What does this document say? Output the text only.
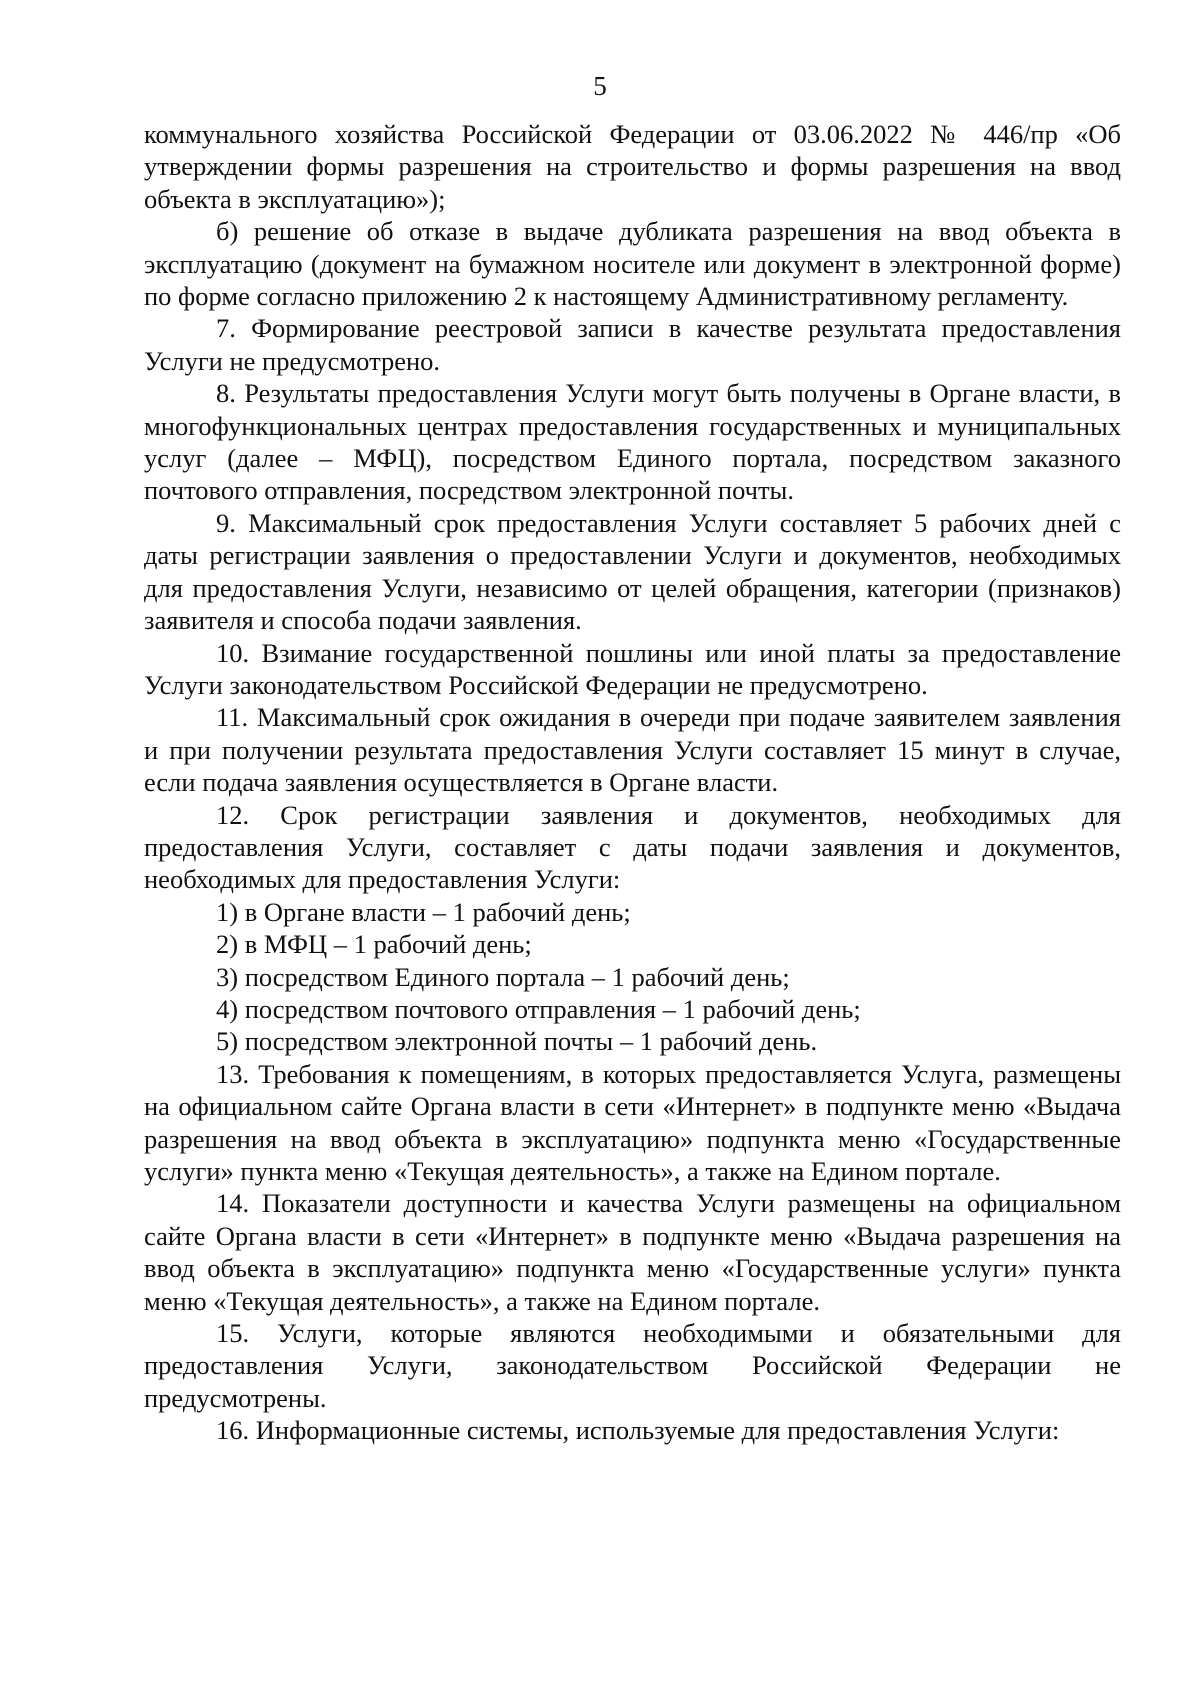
5

коммунального хозяйства Российской Федерации от 03.06.2022 № 446/пр «Об утверждении формы разрешения на строительство и формы разрешения на ввод объекта в эксплуатацию»);

б) решение об отказе в выдаче дубликата разрешения на ввод объекта в эксплуатацию (документ на бумажном носителе или документ в электронной форме) по форме согласно приложению 2 к настоящему Административному регламенту.

7. Формирование реестровой записи в качестве результата предоставления Услуги не предусмотрено.

8. Результаты предоставления Услуги могут быть получены в Органе власти, в многофункциональных центрах предоставления государственных и муниципальных услуг (далее – МФЦ), посредством Единого портала, посредством заказного почтового отправления, посредством электронной почты.

9. Максимальный срок предоставления Услуги составляет 5 рабочих дней с даты регистрации заявления о предоставлении Услуги и документов, необходимых для предоставления Услуги, независимо от целей обращения, категории (признаков) заявителя и способа подачи заявления.

10. Взимание государственной пошлины или иной платы за предоставление Услуги законодательством Российской Федерации не предусмотрено.

11. Максимальный срок ожидания в очереди при подаче заявителем заявления и при получении результата предоставления Услуги составляет 15 минут в случае, если подача заявления осуществляется в Органе власти.

12. Срок регистрации заявления и документов, необходимых для предоставления Услуги, составляет с даты подачи заявления и документов, необходимых для предоставления Услуги:

1) в Органе власти – 1 рабочий день;

2) в МФЦ – 1 рабочий день;

3) посредством Единого портала – 1 рабочий день;

4) посредством почтового отправления – 1 рабочий день;

5) посредством электронной почты – 1 рабочий день.

13. Требования к помещениям, в которых предоставляется Услуга, размещены на официальном сайте Органа власти в сети «Интернет» в подпункте меню «Выдача разрешения на ввод объекта в эксплуатацию» подпункта меню «Государственные услуги» пункта меню «Текущая деятельность», а также на Едином портале.

14. Показатели доступности и качества Услуги размещены на официальном сайте Органа власти в сети «Интернет» в подпункте меню «Выдача разрешения на ввод объекта в эксплуатацию» подпункта меню «Государственные услуги» пункта меню «Текущая деятельность», а также на Едином портале.

15. Услуги, которые являются необходимыми и обязательными для предоставления Услуги, законодательством Российской Федерации не предусмотрены.

16. Информационные системы, используемые для предоставления Услуги:
